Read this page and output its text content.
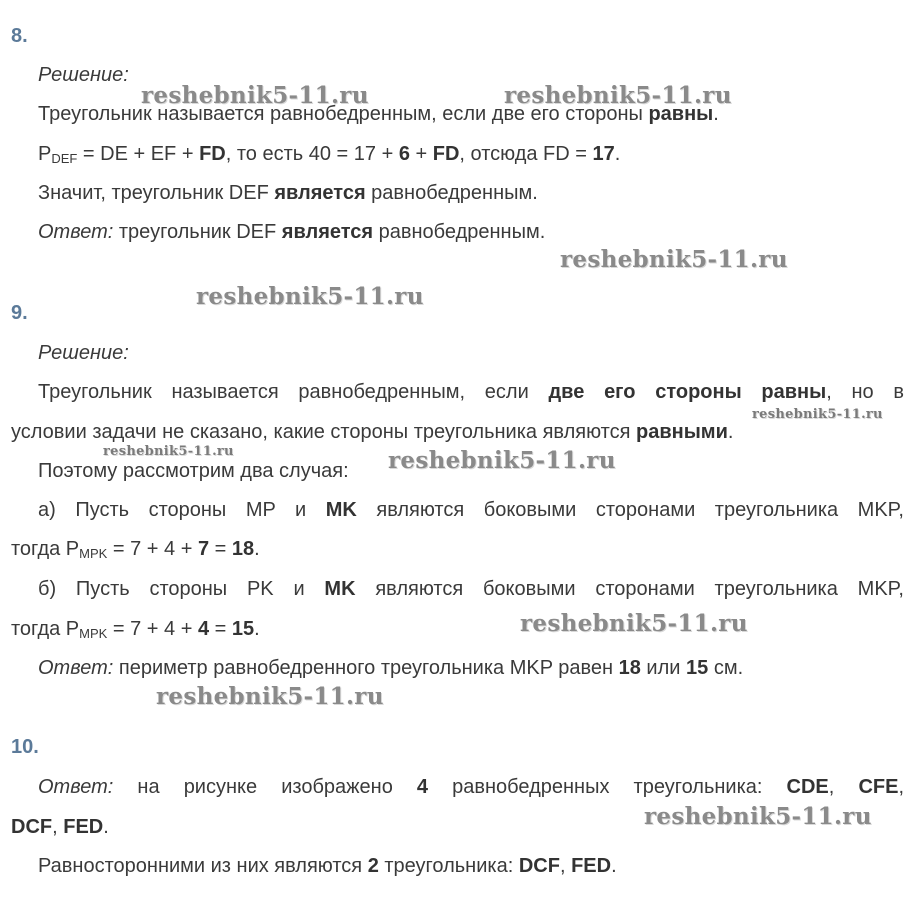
8.

Решение:

Треугольник называется равнобедренным, если две его стороны равны.

$P_{DEF}$ = DE + EF + FD, то есть 40 = 17 + 6 + FD, отсюда FD = 17.

Значит, треугольник DEF является равнобедренным.

Ответ: треугольник DEF является равнобедренным.

9.

Решение:

Треугольник называется равнобедренным, если две его стороны равны, но в

условии задачи не сказано, какие стороны треугольника являются равными.

Поэтому рассмотрим два случая:

а) Пусть стороны MP и MK являются боковыми сторонами треугольника MKP,

тогда $P_{MPK} = 7 + 4 + 7 = 18$.

б) Пусть стороны PK и MK являются боковыми сторонами треугольника MKP,

тогда $P_{MPK} = 7 + 4 + 4 = 15$.

Ответ: периметр равнобедренного треугольника MKP равен 18 или 15 см.

10.

Ответ: на рисунке изображено 4 равнобедренных треугольника: CDE, CFE,

DCF, FED.

Равносторонними из них являются 2 треугольника: DCF, FED.

reshebnik5-11.ru	reshebnik5-11.ru

reshebnik5-11.ru

reshebnik5-11.ru

reshebnik5-11.ru

reshebnik5-11.ru	reshebnik5-11.ru

reshebnik5-11.ru

reshebnik5-11.ru

reshebnik5-11.ru
